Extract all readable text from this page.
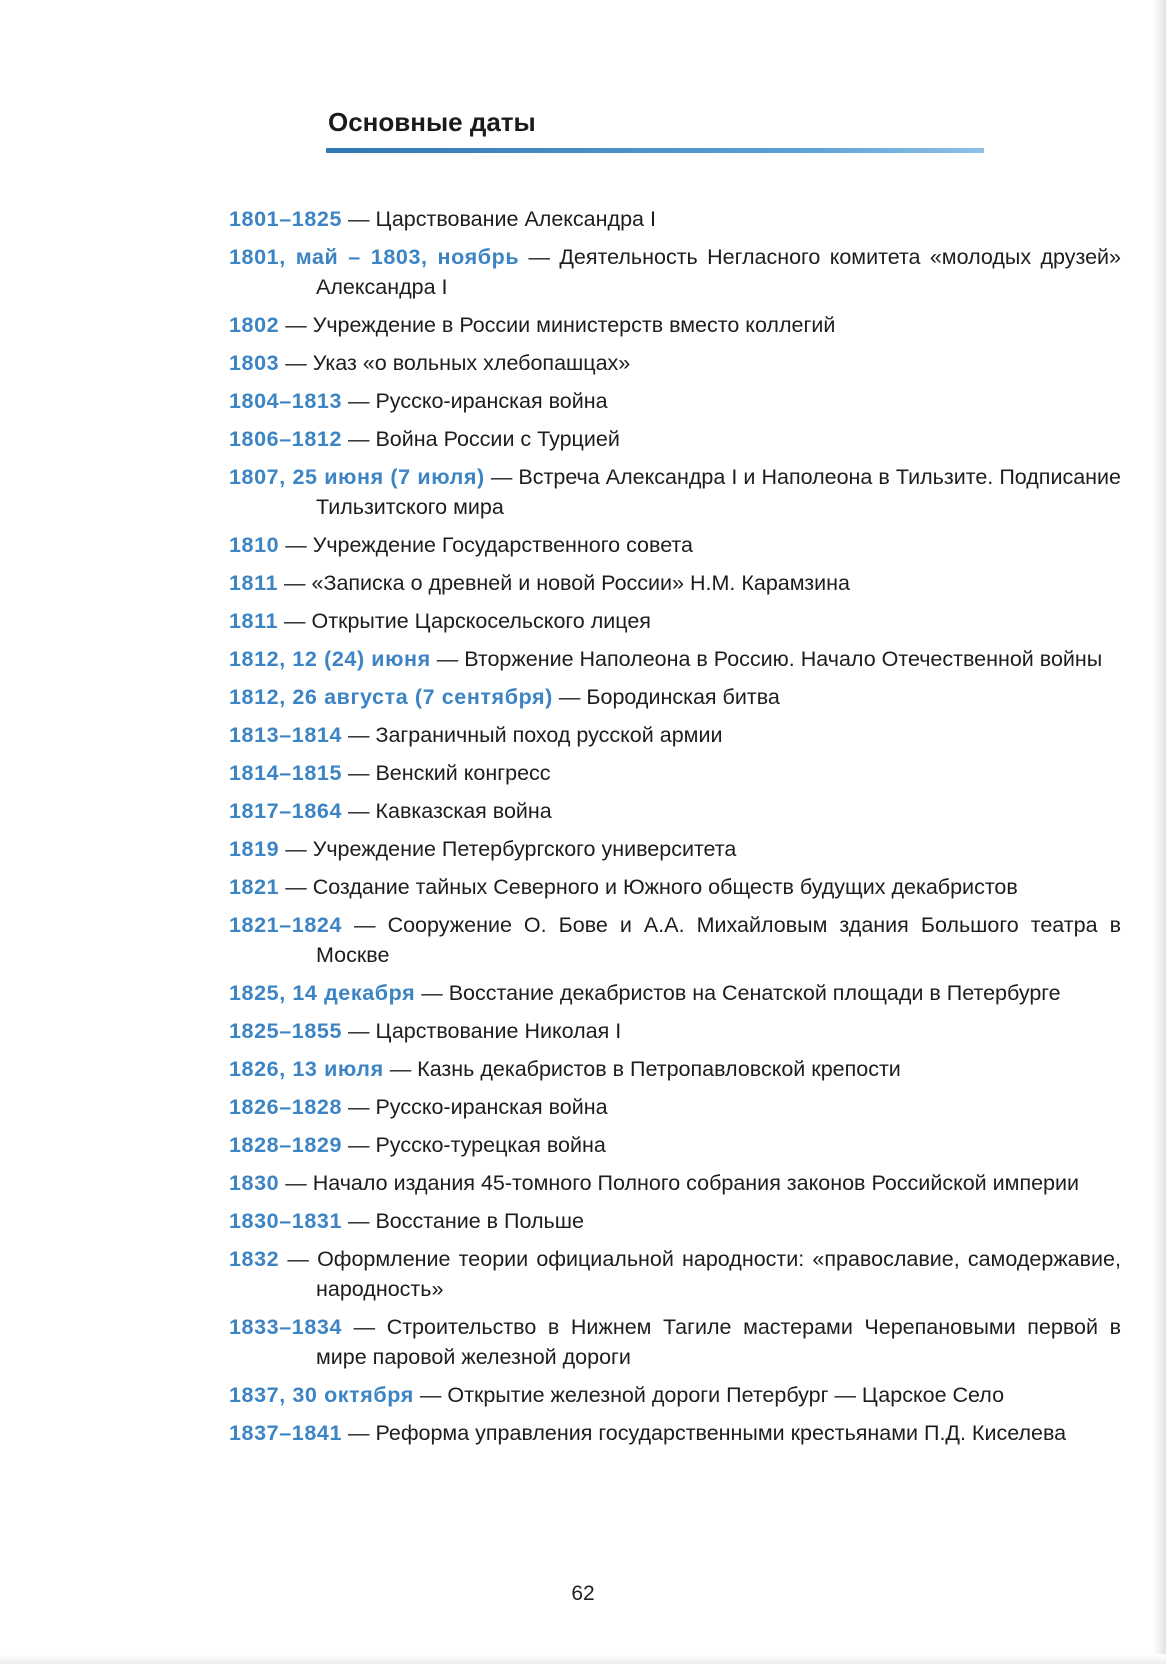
Основные даты
1801–1825 — Царствование Александра I
1801, май – 1803, ноябрь — Деятельность Негласного комитета «молодых друзей» Александра I
1802 — Учреждение в России министерств вместо коллегий
1803 — Указ «о вольных хлебопашцах»
1804–1813 — Русско-иранская война
1806–1812 — Война России с Турцией
1807, 25 июня (7 июля) — Встреча Александра I и Наполеона в Тильзите. Подписание Тильзитского мира
1810 — Учреждение Государственного совета
1811 — «Записка о древней и новой России» Н.М. Карамзина
1811 — Открытие Царскосельского лицея
1812, 12 (24) июня — Вторжение Наполеона в Россию. Начало Отечественной войны
1812, 26 августа (7 сентября) — Бородинская битва
1813–1814 — Заграничный поход русской армии
1814–1815 — Венский конгресс
1817–1864 — Кавказская война
1819 — Учреждение Петербургского университета
1821 — Создание тайных Северного и Южного обществ будущих декабристов
1821–1824 — Сооружение О. Бове и А.А. Михайловым здания Большого театра в Москве
1825, 14 декабря — Восстание декабристов на Сенатской площади в Петербурге
1825–1855 — Царствование Николая I
1826, 13 июля — Казнь декабристов в Петропавловской крепости
1826–1828 — Русско-иранская война
1828–1829 — Русско-турецкая война
1830 — Начало издания 45-томного Полного собрания законов Российской империи
1830–1831 — Восстание в Польше
1832 — Оформление теории официальной народности: «православие, самодержавие, народность»
1833–1834 — Строительство в Нижнем Тагиле мастерами Черепановыми первой в мире паровой железной дороги
1837, 30 октября — Открытие железной дороги Петербург — Царское Село
1837–1841 — Реформа управления государственными крестьянами П.Д. Киселева
62
